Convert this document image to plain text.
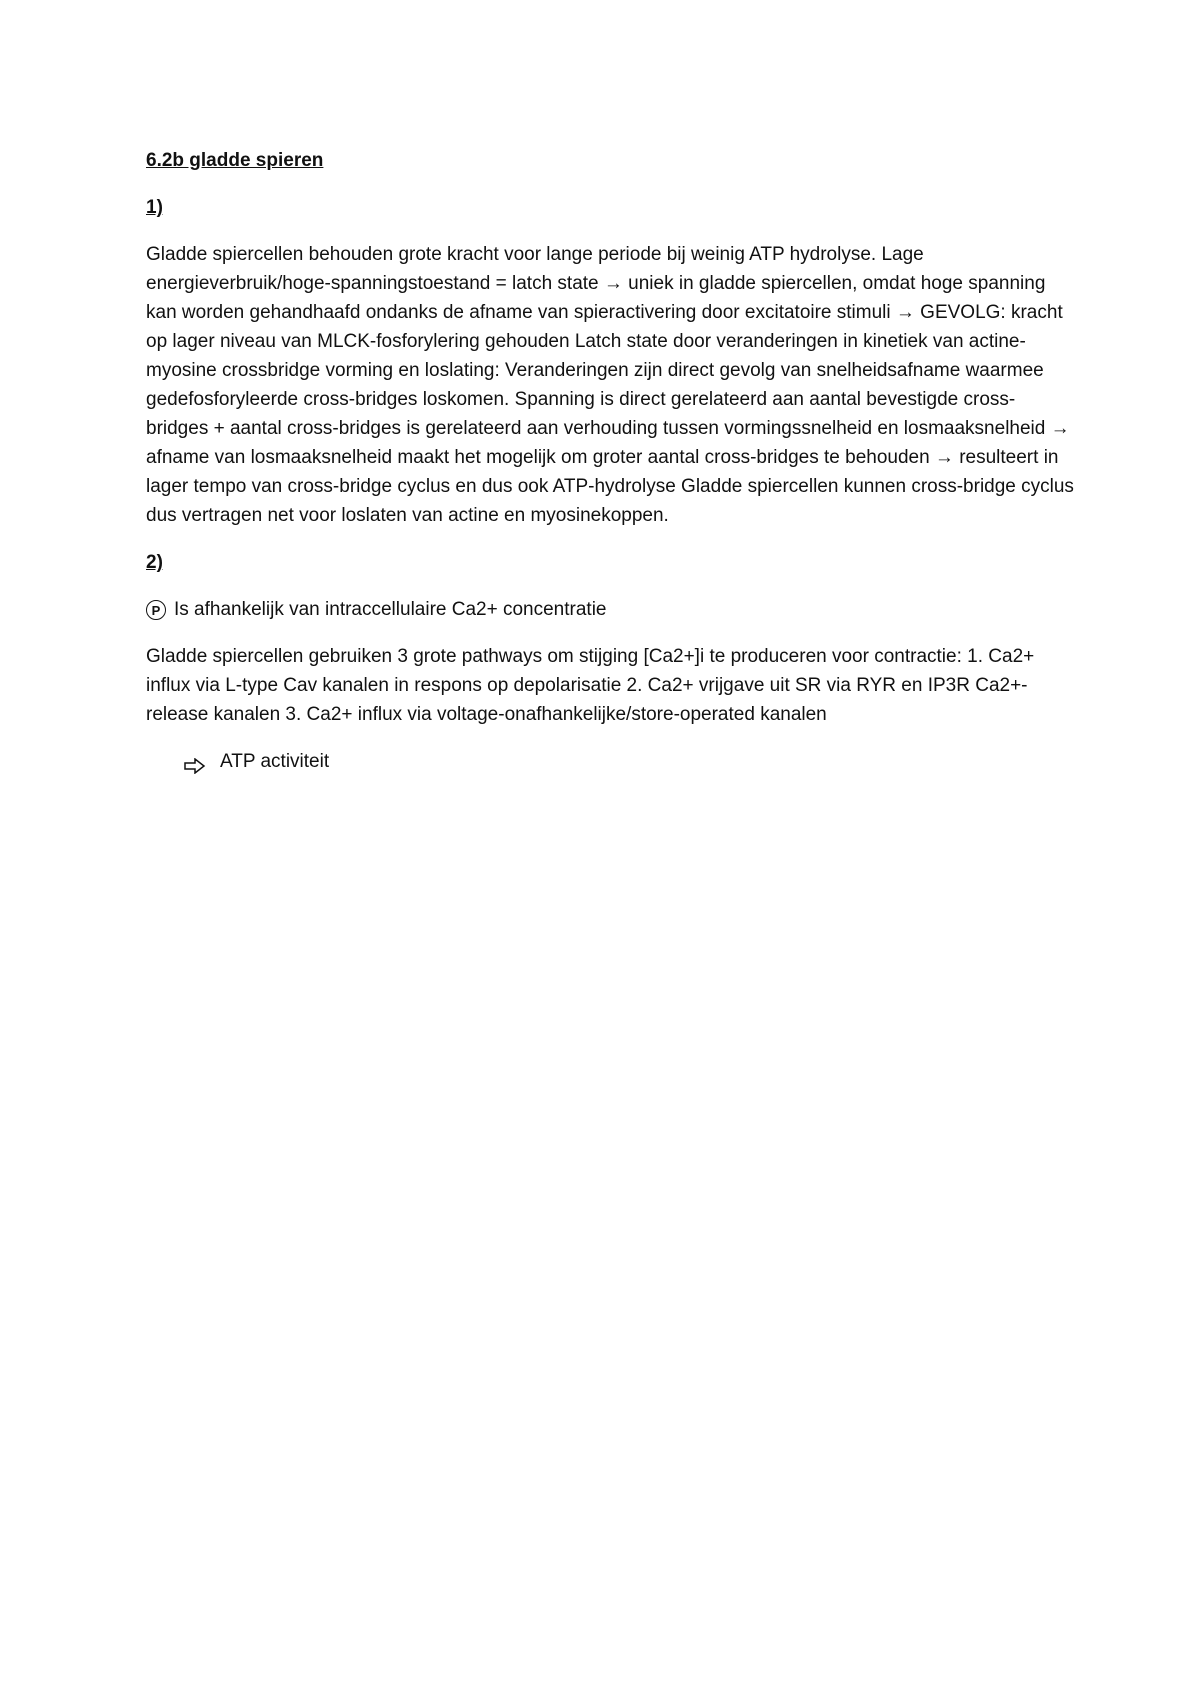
6.2b gladde spieren
1)
Gladde spiercellen behouden grote kracht voor lange periode bij weinig ATP hydrolyse. Lage energieverbruik/hoge-spanningstoestand = latch state → uniek in gladde spiercellen, omdat hoge spanning kan worden gehandhaafd ondanks de afname van spieractivering door excitatoire stimuli → GEVOLG: kracht op lager niveau van MLCK-fosforylering gehouden Latch state door veranderingen in kinetiek van actine-myosine crossbridge vorming en loslating: Veranderingen zijn direct gevolg van snelheidsafname waarmee gedefosforyleerde cross-bridges loskomen. Spanning is direct gerelateerd aan aantal bevestigde cross-bridges + aantal cross-bridges is gerelateerd aan verhouding tussen vormingssnelheid en losmaaksnelheid → afname van losmaaksnelheid maakt het mogelijk om groter aantal cross-bridges te behouden → resulteert in lager tempo van cross-bridge cyclus en dus ook ATP-hydrolyse Gladde spiercellen kunnen cross-bridge cyclus dus vertragen net voor loslaten van actine en myosinekoppen.
2)
P Is afhankelijk van intraccellulaire Ca2+ concentratie
Gladde spiercellen gebruiken 3 grote pathways om stijging [Ca2+]i te produceren voor contractie: 1. Ca2+ influx via L-type Cav kanalen in respons op depolarisatie 2. Ca2+ vrijgave uit SR via RYR en IP3R Ca2+-release kanalen 3. Ca2+ influx via voltage-onafhankelijke/store-operated kanalen
ATP activiteit
